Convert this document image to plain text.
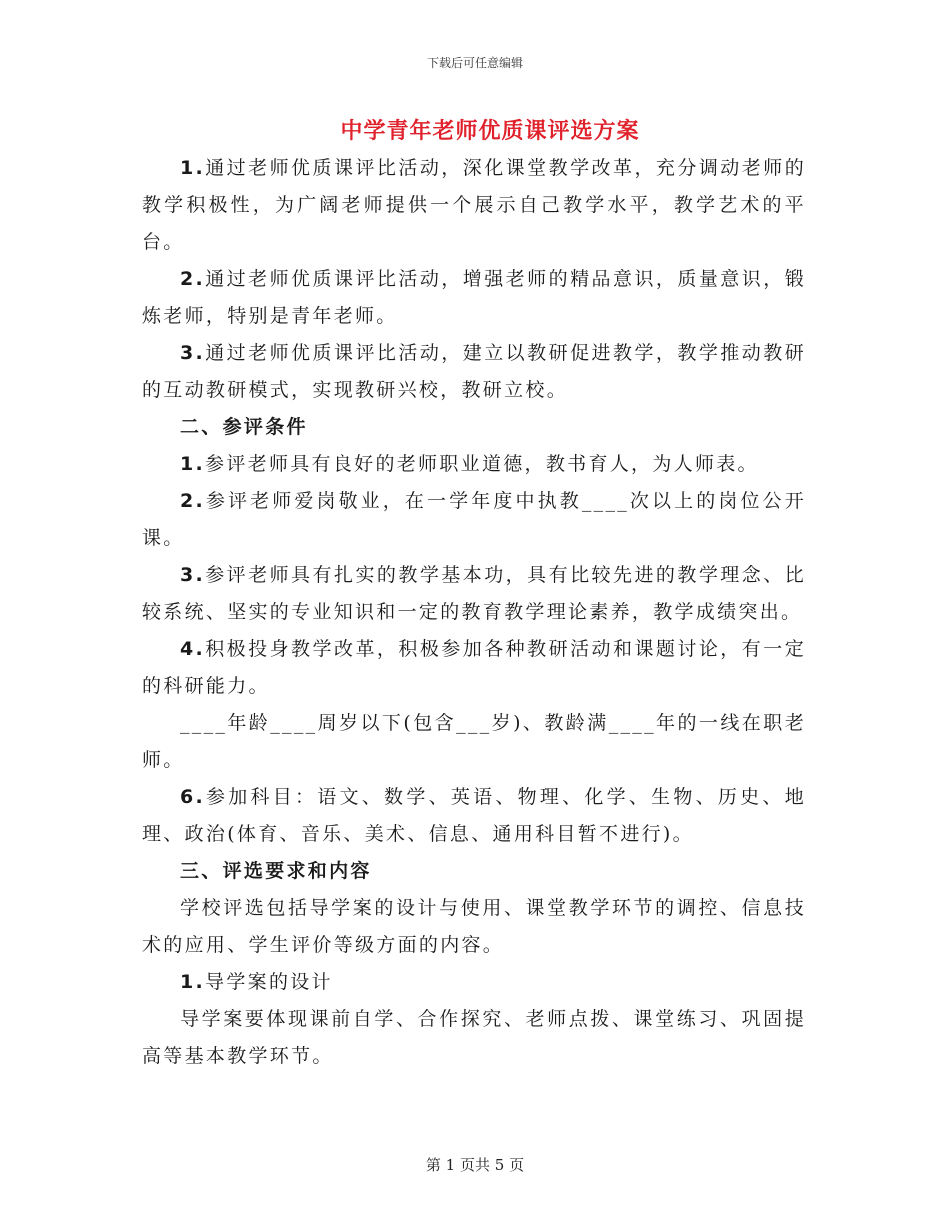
下载后可任意编辑
中学青年老师优质课评选方案

1.通过老师优质课评比活动，深化课堂教学改革，充分调动老师的教学积极性，为广阔老师提供一个展示自己教学水平，教学艺术的平台。

2.通过老师优质课评比活动，增强老师的精品意识，质量意识，锻炼老师，特别是青年老师。

3.通过老师优质课评比活动，建立以教研促进教学，教学推动教研的互动教研模式，实现教研兴校，教研立校。

二、参评条件

1.参评老师具有良好的老师职业道德，教书育人，为人师表。

2.参评老师爱岗敬业，在一学年度中执教____次以上的岗位公开课。

3.参评老师具有扎实的教学基本功，具有比较先进的教学理念、比较系统、坚实的专业知识和一定的教育教学理论素养，教学成绩突出。

4.积极投身教学改革，积极参加各种教研活动和课题讨论，有一定的科研能力。

____年龄____周岁以下(包含___岁)、教龄满____年的一线在职老师。

6.参加科目：语文、数学、英语、物理、化学、生物、历史、地理、政治(体育、音乐、美术、信息、通用科目暂不进行)。

三、评选要求和内容

学校评选包括导学案的设计与使用、课堂教学环节的调控、信息技术的应用、学生评价等级方面的内容。

1.导学案的设计

导学案要体现课前自学、合作探究、老师点拨、课堂练习、巩固提高等基本教学环节。

第 1 页共 5 页
